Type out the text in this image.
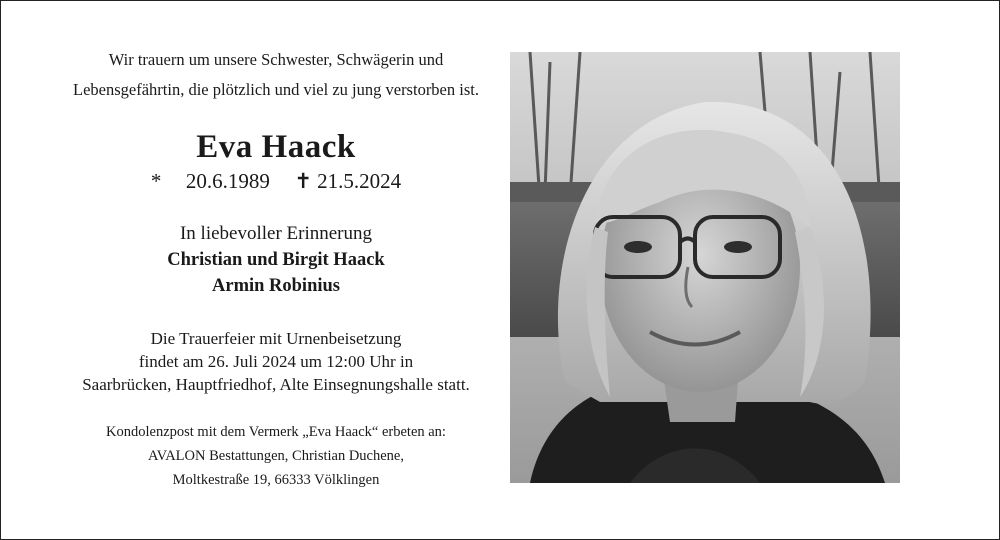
Wir trauern um unsere Schwester, Schwägerin und

Lebensgefährtin, die plötzlich und viel zu jung verstorben ist.

Eva Haack

* 20.6.1989 ✝ 21.5.2024

In liebevoller Erinnerung

Christian und Birgit Haack

Armin Robinius

Die Trauerfeier mit Urnenbeisetzung

findet am 26. Juli 2024 um 12:00 Uhr in

Saarbrücken, Hauptfriedhof, Alte Einsegnungshalle statt.

Kondolenzpost mit dem Vermerk „Eva Haack“ erbeten an:

AVALON Bestattungen, Christian Duchene,

Moltkestraße 19, 66333 Völklingen
